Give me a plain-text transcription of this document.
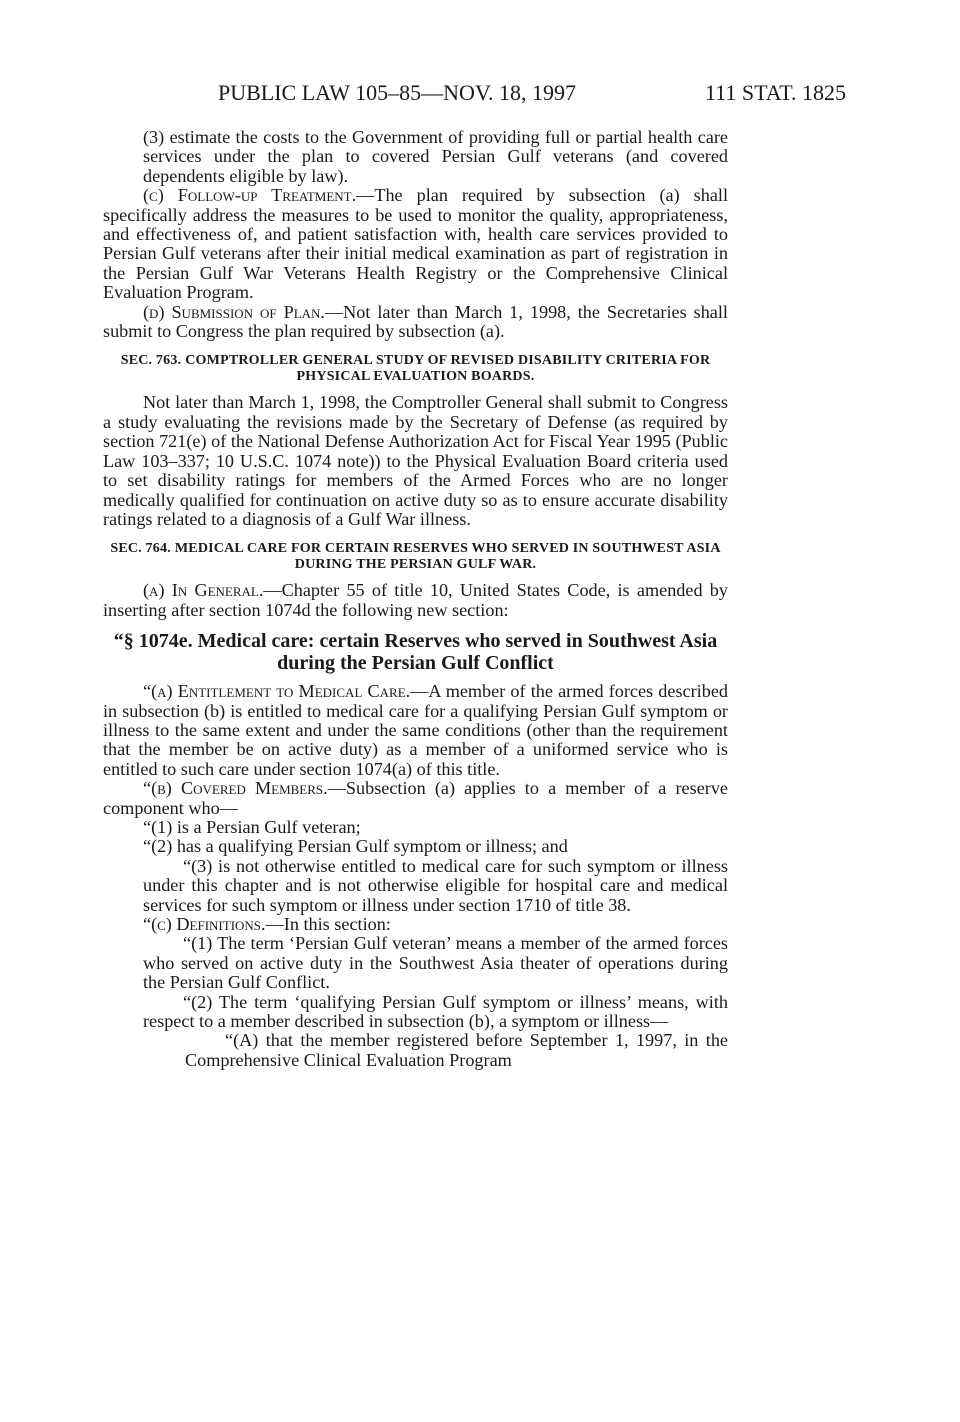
PUBLIC LAW 105–85—NOV. 18, 1997	111 STAT. 1825

(3) estimate the costs to the Government of providing full or partial health care services under the plan to covered Persian Gulf veterans (and covered dependents eligible by law).

(c) Follow-up Treatment.—The plan required by subsection (a) shall specifically address the measures to be used to monitor the quality, appropriateness, and effectiveness of, and patient satisfaction with, health care services provided to Persian Gulf veterans after their initial medical examination as part of registration in the Persian Gulf War Veterans Health Registry or the Comprehensive Clinical Evaluation Program.

(d) Submission of Plan.—Not later than March 1, 1998, the Secretaries shall submit to Congress the plan required by subsection (a).

SEC. 763. COMPTROLLER GENERAL STUDY OF REVISED DISABILITY CRITERIA FOR PHYSICAL EVALUATION BOARDS.

Not later than March 1, 1998, the Comptroller General shall submit to Congress a study evaluating the revisions made by the Secretary of Defense (as required by section 721(e) of the National Defense Authorization Act for Fiscal Year 1995 (Public Law 103–337; 10 U.S.C. 1074 note)) to the Physical Evaluation Board criteria used to set disability ratings for members of the Armed Forces who are no longer medically qualified for continuation on active duty so as to ensure accurate disability ratings related to a diagnosis of a Gulf War illness.

SEC. 764. MEDICAL CARE FOR CERTAIN RESERVES WHO SERVED IN SOUTHWEST ASIA DURING THE PERSIAN GULF WAR.

(a) In General.—Chapter 55 of title 10, United States Code, is amended by inserting after section 1074d the following new section:

“§ 1074e. Medical care: certain Reserves who served in Southwest Asia during the Persian Gulf Conflict

“(a) Entitlement to Medical Care.—A member of the armed forces described in subsection (b) is entitled to medical care for a qualifying Persian Gulf symptom or illness to the same extent and under the same conditions (other than the requirement that the member be on active duty) as a member of a uniformed service who is entitled to such care under section 1074(a) of this title.

“(b) Covered Members.—Subsection (a) applies to a member of a reserve component who—

“(1) is a Persian Gulf veteran;

“(2) has a qualifying Persian Gulf symptom or illness; and

“(3) is not otherwise entitled to medical care for such symptom or illness under this chapter and is not otherwise eligible for hospital care and medical services for such symptom or illness under section 1710 of title 38.

“(c) Definitions.—In this section:

“(1) The term ‘Persian Gulf veteran’ means a member of the armed forces who served on active duty in the Southwest Asia theater of operations during the Persian Gulf Conflict.

“(2) The term ‘qualifying Persian Gulf symptom or illness’ means, with respect to a member described in subsection (b), a symptom or illness—

“(A) that the member registered before September 1, 1997, in the Comprehensive Clinical Evaluation Program
